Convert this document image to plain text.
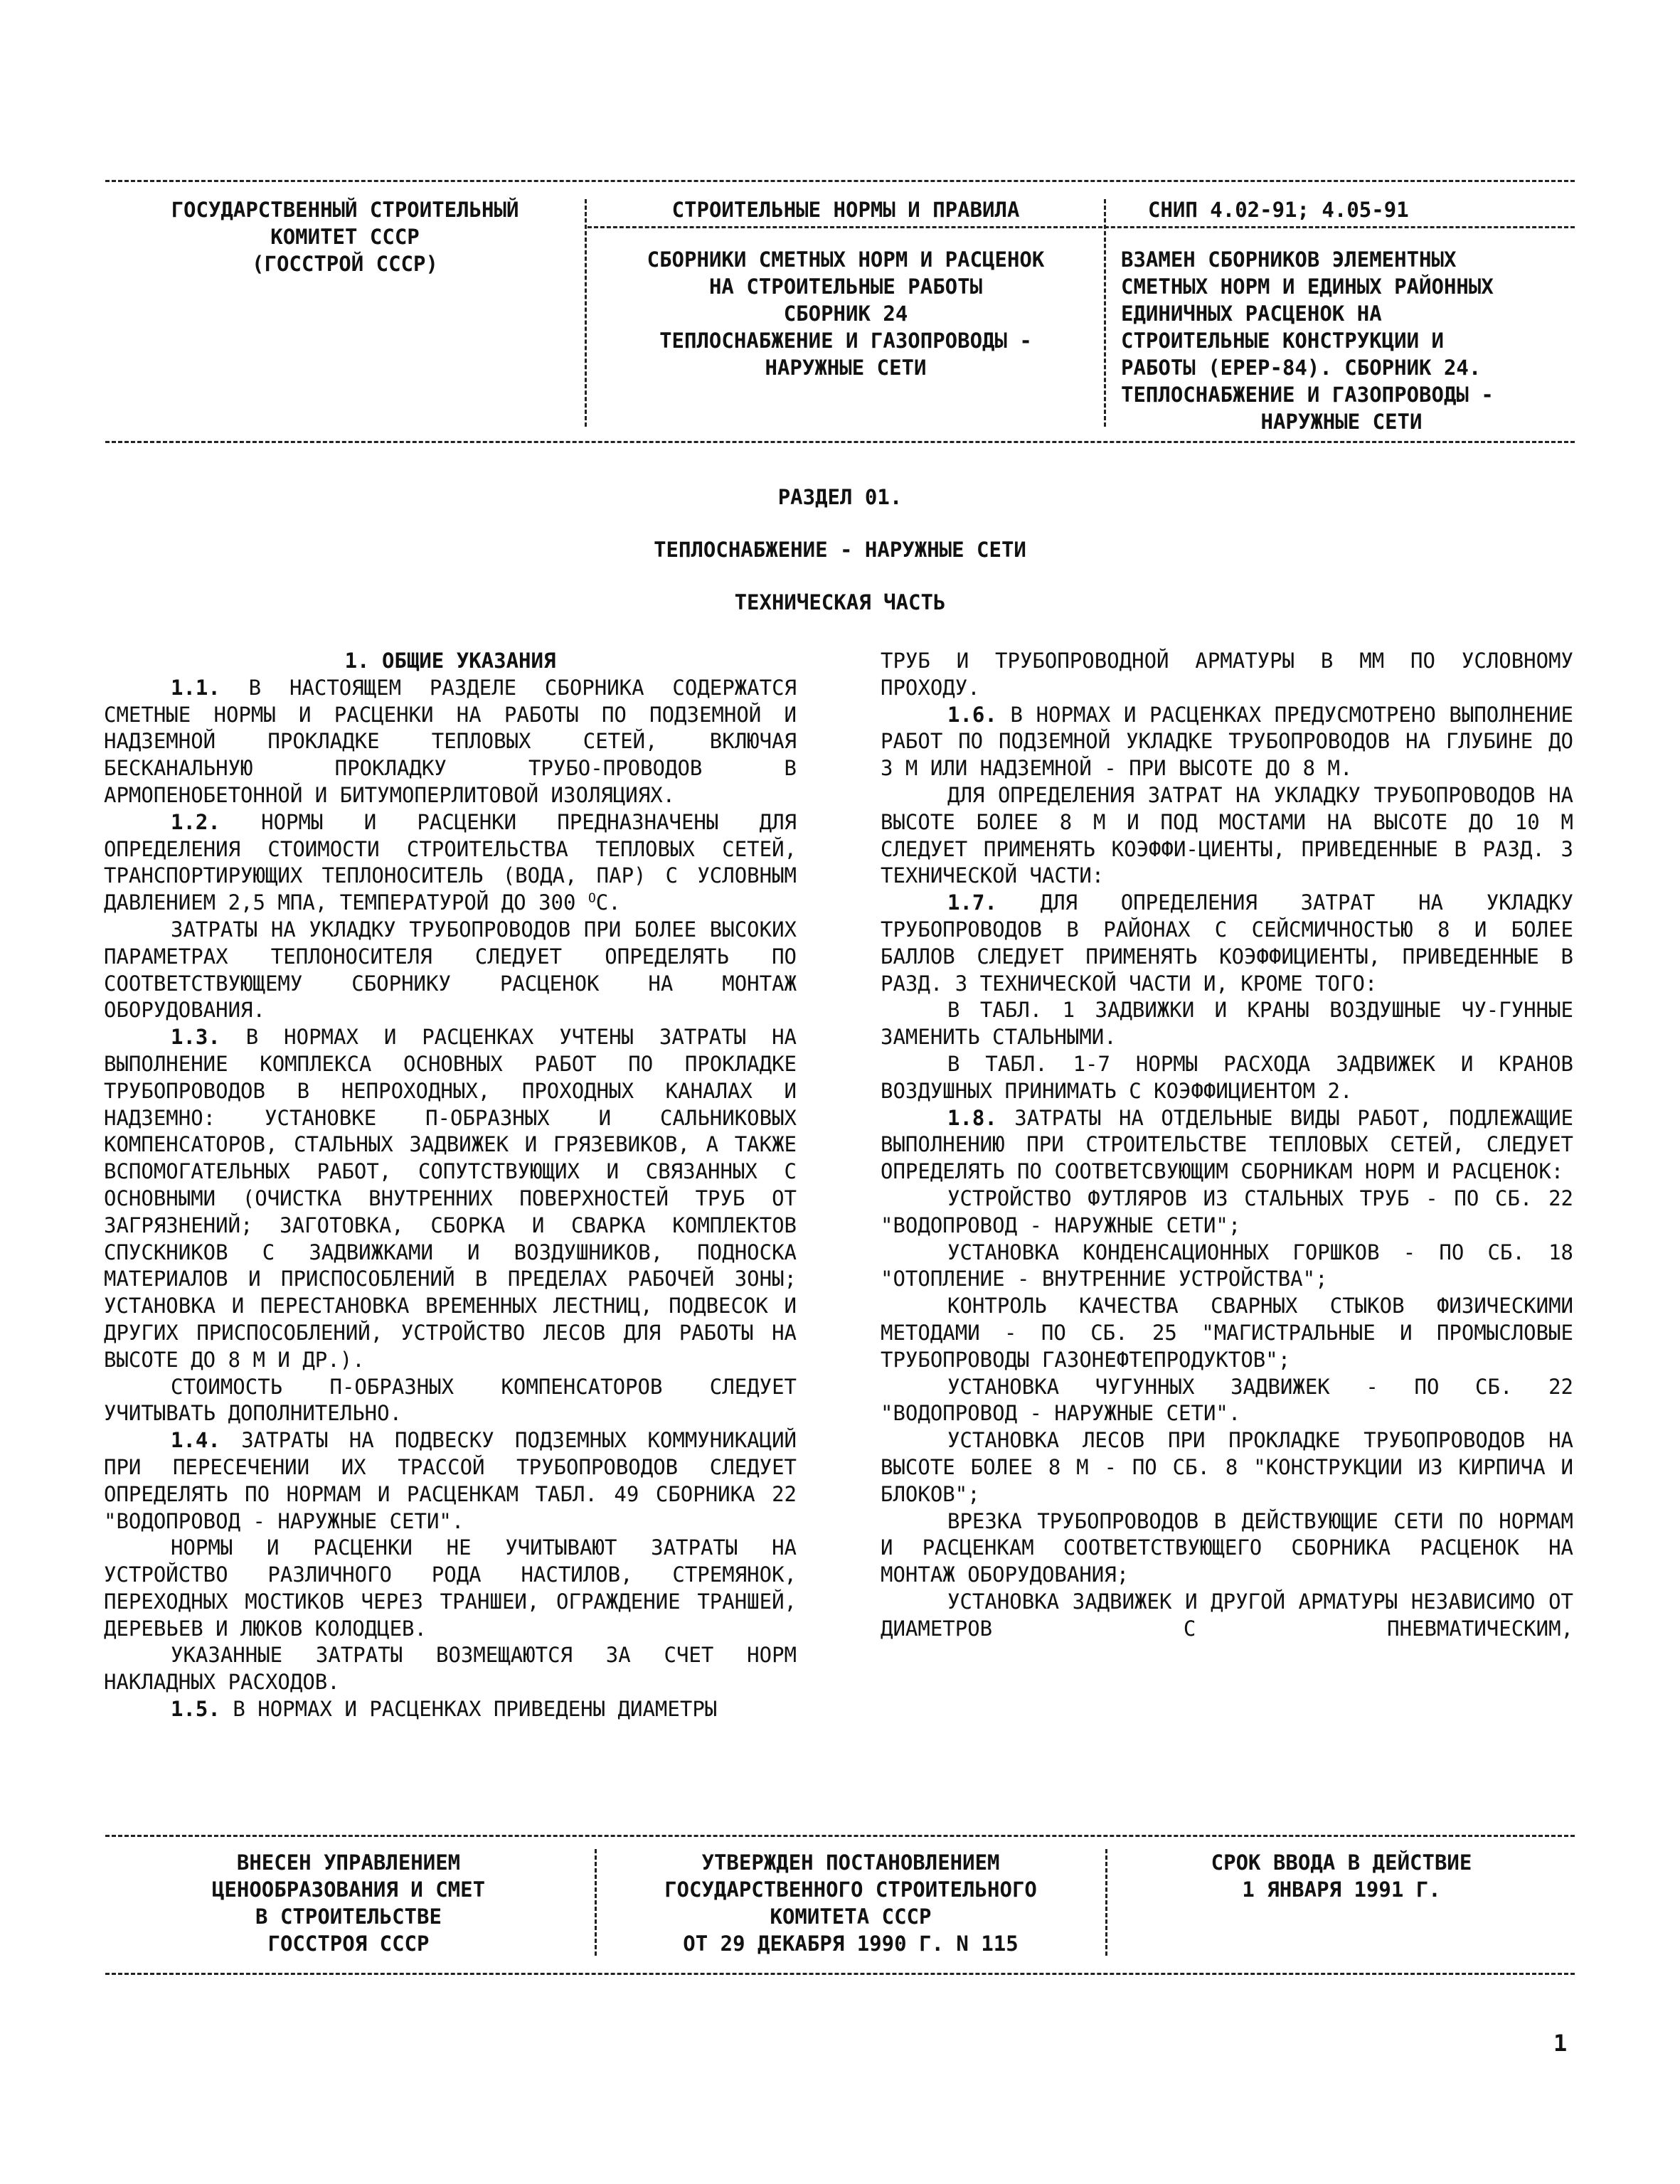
ГОСУДАРСТВЕННЫЙ СТРОИТЕЛЬНЫЙ
КОМИТЕТ СССР
(ГОССТРОЙ СССР)
СТРОИТЕЛЬНЫЕ НОРМЫ И ПРАВИЛА
СБОРНИКИ СМЕТНЫХ НОРМ И РАСЦЕНОК
НА СТРОИТЕЛЬНЫЕ РАБОТЫ
СБОРНИК 24
ТЕПЛОСНАБЖЕНИЕ И ГАЗОПРОВОДЫ -
НАРУЖНЫЕ СЕТИ
СНИП 4.02-91; 4.05-91
ВЗАМЕН СБОРНИКОВ ЭЛЕМЕНТНЫХ
СМЕТНЫХ НОРМ И ЕДИНЫХ РАЙОННЫХ
ЕДИНИЧНЫХ РАСЦЕНОК НА
СТРОИТЕЛЬНЫЕ КОНСТРУКЦИИ И
РАБОТЫ (ЕРЕР-84). СБОРНИК 24.
ТЕПЛОСНАБЖЕНИЕ И ГАЗОПРОВОДЫ -
НАРУЖНЫЕ СЕТИ
РАЗДЕЛ 01.
ТЕПЛОСНАБЖЕНИЕ - НАРУЖНЫЕ СЕТИ
ТЕХНИЧЕСКАЯ ЧАСТЬ

1. ОБЩИЕ УКАЗАНИЯ

1.1. В НАСТОЯЩЕМ РАЗДЕЛЕ СБОРНИКА СОДЕРЖАТСЯ СМЕТНЫЕ НОРМЫ И РАСЦЕНКИ НА РАБОТЫ ПО ПОДЗЕМНОЙ И НАДЗЕМНОЙ ПРОКЛАДКЕ ТЕПЛОВЫХ СЕТЕЙ, ВКЛЮЧАЯ БЕСКАНАЛЬНУЮ ПРОКЛАДКУ ТРУБО-ПРОВОДОВ В АРМОПЕНОБЕТОННОЙ И БИТУМОПЕРЛИТОВОЙ ИЗОЛЯЦИЯХ.

1.2. НОРМЫ И РАСЦЕНКИ ПРЕДНАЗНАЧЕНЫ ДЛЯ ОПРЕДЕЛЕНИЯ СТОИМОСТИ СТРОИТЕЛЬСТВА ТЕПЛОВЫХ СЕТЕЙ, ТРАНСПОРТИРУЮЩИХ ТЕПЛОНОСИТЕЛЬ (ВОДА, ПАР) С УСЛОВНЫМ ДАВЛЕНИЕМ 2,5 МПА, ТЕМПЕРАТУРОЙ ДО 300 $^O$C.

ЗАТРАТЫ НА УКЛАДКУ ТРУБОПРОВОДОВ ПРИ БОЛЕЕ ВЫСОКИХ ПАРАМЕТРАХ ТЕПЛОНОСИТЕЛЯ СЛЕДУЕТ ОПРЕДЕЛЯТЬ ПО СООТВЕТСТВУЮЩЕМУ СБОРНИКУ РАСЦЕНОК НА МОНТАЖ ОБОРУДОВАНИЯ.

1.3. В НОРМАХ И РАСЦЕНКАХ УЧТЕНЫ ЗАТРАТЫ НА ВЫПОЛНЕНИЕ КОМПЛЕКСА ОСНОВНЫХ РАБОТ ПО ПРОКЛАДКЕ ТРУБОПРОВОДОВ В НЕПРОХОДНЫХ, ПРОХОДНЫХ КАНАЛАХ И НАДЗЕМНО: УСТАНОВКЕ П-ОБРАЗНЫХ И САЛЬНИКОВЫХ КОМПЕНСАТОРОВ, СТАЛЬНЫХ ЗАДВИЖЕК И ГРЯЗЕВИКОВ, А ТАКЖЕ ВСПОМОГАТЕЛЬНЫХ РАБОТ, СОПУТСТВУЮЩИХ И СВЯЗАННЫХ С ОСНОВНЫМИ (ОЧИСТКА ВНУТРЕННИХ ПОВЕРХНОСТЕЙ ТРУБ ОТ ЗАГРЯЗНЕНИЙ; ЗАГОТОВКА, СБОРКА И СВАРКА КОМПЛЕКТОВ СПУСКНИКОВ С ЗАДВИЖКАМИ И ВОЗДУШНИКОВ, ПОДНОСКА МАТЕРИАЛОВ И ПРИСПОСОБЛЕНИЙ В ПРЕДЕЛАХ РАБОЧЕЙ ЗОНЫ; УСТАНОВКА И ПЕРЕСТАНОВКА ВРЕМЕННЫХ ЛЕСТНИЦ, ПОДВЕСОК И ДРУГИХ ПРИСПОСОБЛЕНИЙ, УСТРОЙСТВО ЛЕСОВ ДЛЯ РАБОТЫ НА ВЫСОТЕ ДО 8 М И ДР.).

СТОИМОСТЬ П-ОБРАЗНЫХ КОМПЕНСАТОРОВ СЛЕДУЕТ УЧИТЫВАТЬ ДОПОЛНИТЕЛЬНО.

1.4. ЗАТРАТЫ НА ПОДВЕСКУ ПОДЗЕМНЫХ КОММУНИКАЦИЙ ПРИ ПЕРЕСЕЧЕНИИ ИХ ТРАССОЙ ТРУБОПРОВОДОВ СЛЕДУЕТ ОПРЕДЕЛЯТЬ ПО НОРМАМ И РАСЦЕНКАМ ТАБЛ. 49 СБОРНИКА 22 "ВОДОПРОВОД - НАРУЖНЫЕ СЕТИ".

НОРМЫ И РАСЦЕНКИ НЕ УЧИТЫВАЮТ ЗАТРАТЫ НА УСТРОЙСТВО РАЗЛИЧНОГО РОДА НАСТИЛОВ, СТРЕМЯНОК, ПЕРЕХОДНЫХ МОСТИКОВ ЧЕРЕЗ ТРАНШЕИ, ОГРАЖДЕНИЕ ТРАНШЕЙ, ДЕРЕВЬЕВ И ЛЮКОВ КОЛОДЦЕВ.

УКАЗАННЫЕ ЗАТРАТЫ ВОЗМЕЩАЮТСЯ ЗА СЧЕТ НОРМ НАКЛАДНЫХ РАСХОДОВ.

1.5. В НОРМАХ И РАСЦЕНКАХ ПРИВЕДЕНЫ ДИАМЕТРЫ

ТРУБ И ТРУБОПРОВОДНОЙ АРМАТУРЫ В ММ ПО УСЛОВНОМУ ПРОХОДУ.

1.6. В НОРМАХ И РАСЦЕНКАХ ПРЕДУСМОТРЕНО ВЫПОЛНЕНИЕ РАБОТ ПО ПОДЗЕМНОЙ УКЛАДКЕ ТРУБОПРОВОДОВ НА ГЛУБИНЕ ДО 3 М ИЛИ НАДЗЕМНОЙ - ПРИ ВЫСОТЕ ДО 8 М.

ДЛЯ ОПРЕДЕЛЕНИЯ ЗАТРАТ НА УКЛАДКУ ТРУБОПРОВОДОВ НА ВЫСОТЕ БОЛЕЕ 8 М И ПОД МОСТАМИ НА ВЫСОТЕ ДО 10 М СЛЕДУЕТ ПРИМЕНЯТЬ КОЭФФИ-ЦИЕНТЫ, ПРИВЕДЕННЫЕ В РАЗД. 3 ТЕХНИЧЕСКОЙ ЧАСТИ:

1.7. ДЛЯ ОПРЕДЕЛЕНИЯ ЗАТРАТ НА УКЛАДКУ ТРУБОПРОВОДОВ В РАЙОНАХ С СЕЙСМИЧНОСТЬЮ 8 И БОЛЕЕ БАЛЛОВ СЛЕДУЕТ ПРИМЕНЯТЬ КОЭФФИЦИЕНТЫ, ПРИВЕДЕННЫЕ В РАЗД. 3 ТЕХНИЧЕСКОЙ ЧАСТИ И, КРОМЕ ТОГО:

В ТАБЛ. 1 ЗАДВИЖКИ И КРАНЫ ВОЗДУШНЫЕ ЧУ-ГУННЫЕ ЗАМЕНИТЬ СТАЛЬНЫМИ.

В ТАБЛ. 1-7 НОРМЫ РАСХОДА ЗАДВИЖЕК И КРАНОВ ВОЗДУШНЫХ ПРИНИМАТЬ С КОЭФФИЦИЕНТОМ 2.

1.8. ЗАТРАТЫ НА ОТДЕЛЬНЫЕ ВИДЫ РАБОТ, ПОДЛЕЖАЩИЕ ВЫПОЛНЕНИЮ ПРИ СТРОИТЕЛЬСТВЕ ТЕПЛОВЫХ СЕТЕЙ, СЛЕДУЕТ ОПРЕДЕЛЯТЬ ПО СООТВЕТСВУЮЩИМ СБОРНИКАМ НОРМ И РАСЦЕНОК:

УСТРОЙСТВО ФУТЛЯРОВ ИЗ СТАЛЬНЫХ ТРУБ - ПО СБ. 22 "ВОДОПРОВОД - НАРУЖНЫЕ СЕТИ";

УСТАНОВКА КОНДЕНСАЦИОННЫХ ГОРШКОВ - ПО СБ. 18 "ОТОПЛЕНИЕ - ВНУТРЕННИЕ УСТРОЙСТВА";

КОНТРОЛЬ КАЧЕСТВА СВАРНЫХ СТЫКОВ ФИЗИЧЕСКИМИ МЕТОДАМИ - ПО СБ. 25 "МАГИСТРАЛЬНЫЕ И ПРОМЫСЛОВЫЕ ТРУБОПРОВОДЫ ГАЗОНЕФТЕПРОДУКТОВ";

УСТАНОВКА ЧУГУННЫХ ЗАДВИЖЕК - ПО СБ. 22 "ВОДОПРОВОД - НАРУЖНЫЕ СЕТИ".

УСТАНОВКА ЛЕСОВ ПРИ ПРОКЛАДКЕ ТРУБОПРОВОДОВ НА ВЫСОТЕ БОЛЕЕ 8 М - ПО СБ. 8 "КОНСТРУКЦИИ ИЗ КИРПИЧА И БЛОКОВ";

ВРЕЗКА ТРУБОПРОВОДОВ В ДЕЙСТВУЮЩИЕ СЕТИ ПО НОРМАМ И РАСЦЕНКАМ СООТВЕТСТВУЮЩЕГО СБОРНИКА РАСЦЕНОК НА МОНТАЖ ОБОРУДОВАНИЯ;

УСТАНОВКА ЗАДВИЖЕК И ДРУГОЙ АРМАТУРЫ НЕЗАВИСИМО ОТ ДИАМЕТРОВ С ПНЕВМАТИЧЕСКИМ,

ВНЕСЕН УПРАВЛЕНИЕМ
ЦЕНООБРАЗОВАНИЯ И СМЕТ
В СТРОИТЕЛЬСТВЕ
ГОССТРОЯ СССР
УТВЕРЖДЕН ПОСТАНОВЛЕНИЕМ
ГОСУДАРСТВЕННОГО СТРОИТЕЛЬНОГО
КОМИТЕТА СССР
ОТ 29 ДЕКАБРЯ 1990 Г. N 115
СРОК ВВОДА В ДЕЙСТВИЕ
1 ЯНВАРЯ 1991 Г.
1
